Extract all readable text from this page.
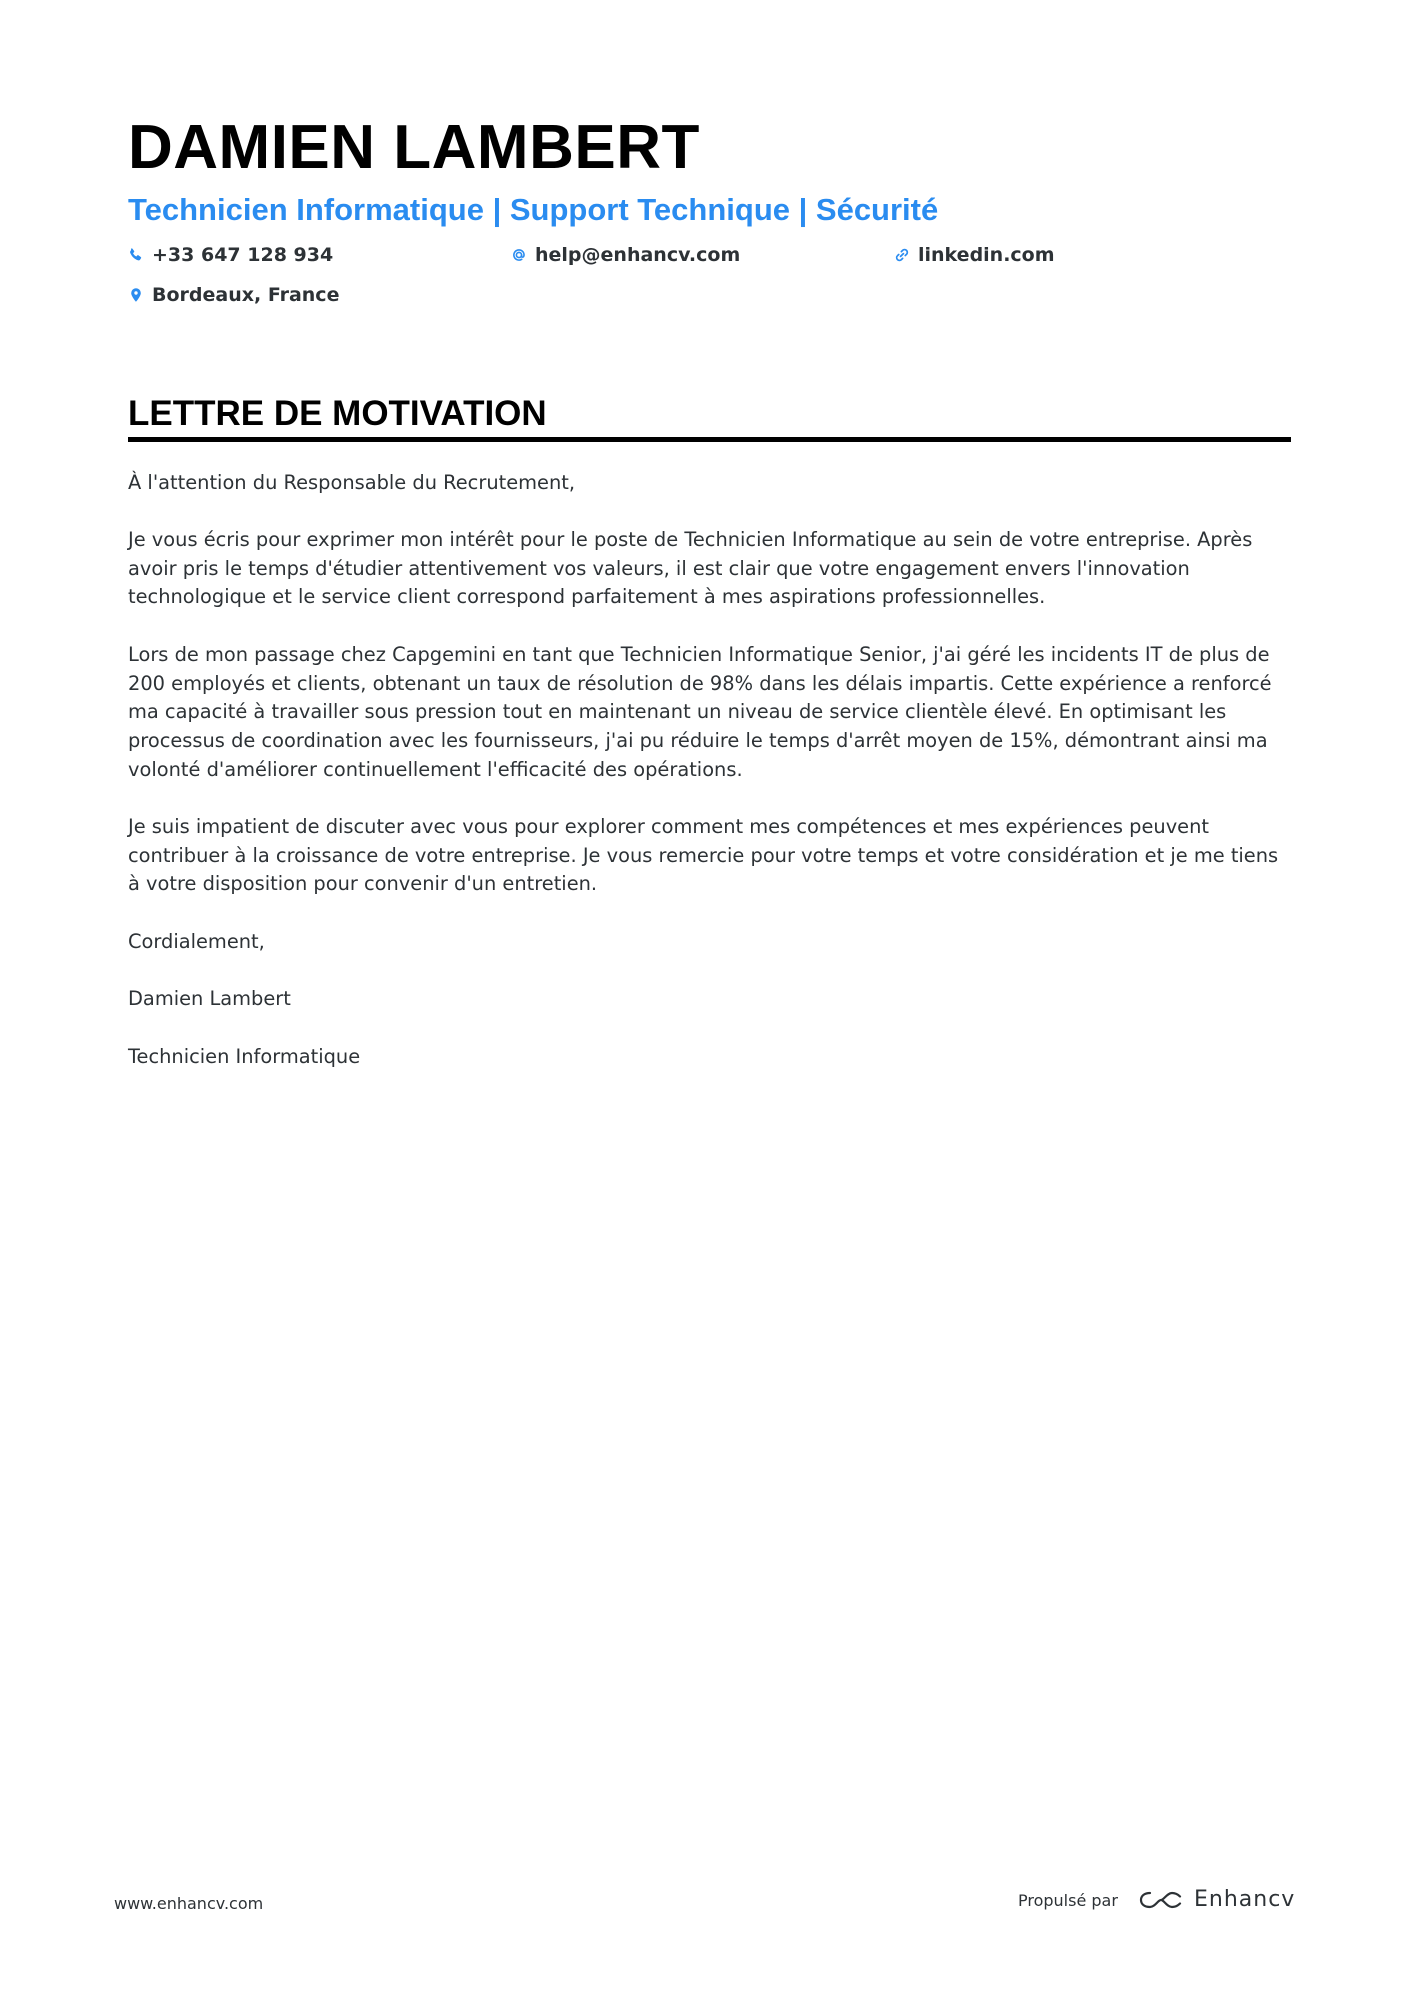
DAMIEN LAMBERT
Technicien Informatique | Support Technique | Sécurité
+33 647 128 934	help@enhancv.com	linkedin.com
Bordeaux, France
LETTRE DE MOTIVATION

À l'attention du Responsable du Recrutement,

Je vous écris pour exprimer mon intérêt pour le poste de Technicien Informatique au sein de votre entreprise. Après avoir pris le temps d'étudier attentivement vos valeurs, il est clair que votre engagement envers l'innovation technologique et le service client correspond parfaitement à mes aspirations professionnelles.

Lors de mon passage chez Capgemini en tant que Technicien Informatique Senior, j'ai géré les incidents IT de plus de 200 employés et clients, obtenant un taux de résolution de 98% dans les délais impartis. Cette expérience a renforcé ma capacité à travailler sous pression tout en maintenant un niveau de service clientèle élevé. En optimisant les processus de coordination avec les fournisseurs, j'ai pu réduire le temps d'arrêt moyen de 15%, démontrant ainsi ma volonté d'améliorer continuellement l'efficacité des opérations.

Je suis impatient de discuter avec vous pour explorer comment mes compétences et mes expériences peuvent contribuer à la croissance de votre entreprise. Je vous remercie pour votre temps et votre considération et je me tiens à votre disposition pour convenir d'un entretien.

Cordialement,

Damien Lambert

Technicien Informatique

www.enhancv.com	Propulsé par	Enhancv
